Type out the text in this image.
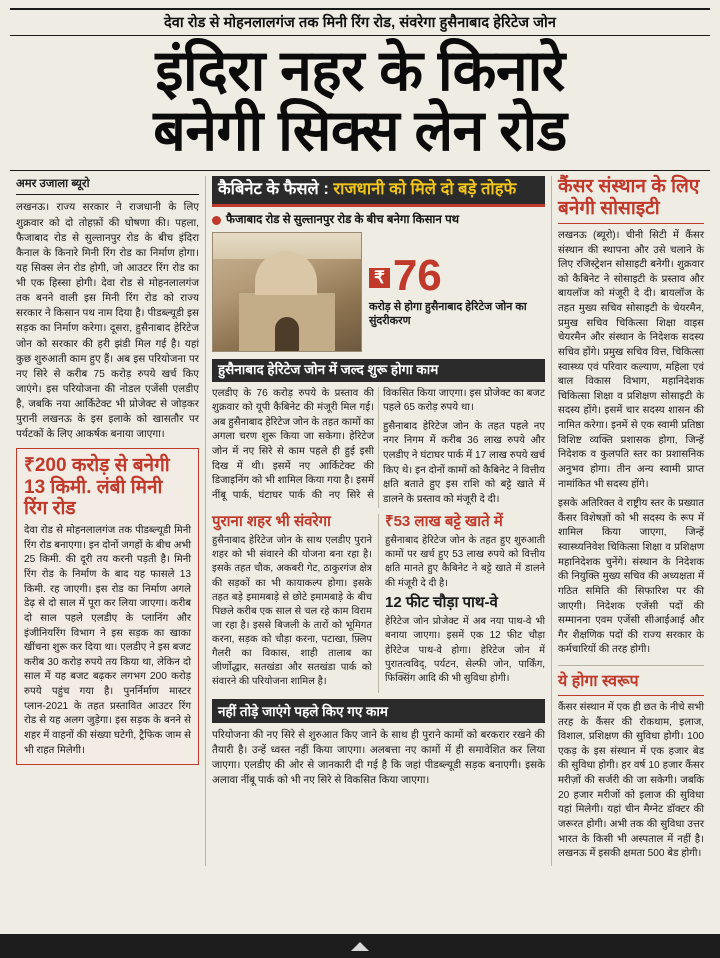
देवा रोड से मोहनलालगंज तक मिनी रिंग रोड, संवरेगा हुसैनाबाद हेरिटेज जोन
इंदिरा नहर के किनारे
बनेगी सिक्स लेन रोड
अमर उजाला ब्यूरो

लखनऊ। राज्य सरकार ने राजधानी के लिए शुक्रवार को दो तोहफ़ों की घोषणा की। पहला, फैजाबाद रोड से सुल्तानपुर रोड के बीच इंदिरा कैनाल के किनारे मिनी रिंग रोड का निर्माण होगा। यह सिक्स लेन रोड होगी, जो आउटर रिंग रोड का भी एक हिस्सा होगी। देवा रोड से मोहनलालगंज तक बनने वाली इस मिनी रिंग रोड को राज्य सरकार ने किसान पथ नाम दिया है। पीडब्ल्यूडी इस सड़क का निर्माण करेगा। दूसरा, हुसैनाबाद हेरिटेज जोन को सरकार की हरी झंडी मिल गई है। यहां कुछ शुरुआती काम हुए हैं। अब इस परियोजना पर नए सिरे से करीब 75 करोड़ रुपये खर्च किए जाएंगे। इस परियोजना की नोडल एजेंसी एलडीए है, जबकि नया आर्किटेक्ट भी प्रोजेक्ट से जोड़कर पुरानी लखनऊ के इस इलाके को खासतौर पर पर्यटकों के लिए आकर्षक बनाया जाएगा।

₹200 करोड़ से बनेगी 13 किमी. लंबी मिनी रिंग रोड

देवा रोड से मोहनलालगंज तक पीडब्ल्यूडी मिनी रिंग रोड बनाएगा। इन दोनों जगहों के बीच अभी 25 किमी. की दूरी तय करनी पड़ती है। मिनी रिंग रोड के निर्माण के बाद यह फासले 13 किमी. रह जाएगी। इस रोड का निर्माण अगले डेढ़ से दो साल में पूरा कर लिया जाएगा। करीब दो साल पहले एलडीए के प्लानिंग और इंजीनियरिंग विभाग ने इस सड़क का खाका खींचना शुरू कर दिया था। एलडीए ने इस बजट करीब 30 करोड़ रुपये तय किया था, लेकिन दो साल में यह बजट बढ़कर लगभग 200 करोड़ रुपये पहुंच गया है। पुनर्निर्माण मास्टर प्लान-2021 के तहत प्रस्तावित आउटर रिंग रोड से यह अलग जुड़ेगा। इस सड़क के बनने से शहर में वाहनों की संख्या घटेगी, ट्रैफिक जाम से भी राहत मिलेगी।

कैबिनेट के फैसले : राजधानी को मिले दो बड़े तोहफे
फैजाबाद रोड से सुल्तानपुर रोड के बीच बनेगा किसान पथ
₹ 76
करोड़ से होगा हुसैनाबाद हेरिटेज जोन का सुंदरीकरण
हुसैनाबाद हेरिटेज जोन में जल्द शुरू होगा काम

एलडीए के 76 करोड़ रुपये के प्रस्ताव की शुक्रवार को यूपी कैबिनेट की मंजूरी मिल गई। अब हुसैनाबाद हेरिटेज जोन के तहत कामों का अगला चरण शुरू किया जा सकेगा। हेरिटेज जोन में नए सिरे से काम पहले ही हुई इसी दिख में थी। इसमें नए आर्किटेक्ट की डिजाइनिंग को भी शामिल किया गया है। इसमें नींबू पार्क, घंटाघर पार्क की नए सिरे से विकसित किया जाएगा। इस प्रोजेक्ट का बजट पहले 65 करोड़ रुपये था।

हुसैनाबाद हेरिटेज जोन के तहत पहले नए नगर निगम में करीब 36 लाख रुपये और एलडीए ने घंटाघर पार्क में 17 लाख रुपये खर्च किए थे। इन दोनों कामों को कैबिनेट ने वित्तीय क्षति बताते हुए इस राशि को बट्टे खाते में डालने के प्रस्ताव को मंजूरी दे दी।

पुराना शहर भी संवरेगा

हुसैनाबाद हेरिटेज जोन के साथ एलडीए पुराने शहर को भी संवारने की योजना बना रहा है। इसके तहत चौक, अकबरी गेट, ठाकुरगंज क्षेत्र की सड़कों का भी कायाकल्प होगा। इसके तहत बड़े इमामबाड़े से छोटे इमामबाड़े के बीच पिछले करीब एक साल से चल रहे काम विराम जा रहा है। इससे बिजली के तारों को भूमिगत करना, सड़क को चौड़ा करना, पटाखा, फ़्लिप गैलरी का विकास, शाही तालाब का जीर्णोद्धार, सतखंडा और सतखंडा पार्क को संवारने की परियोजना शामिल है।

₹53 लाख बट्टे खाते में

हुसैनाबाद हेरिटेज जोन के तहत हुए शुरुआती कामों पर खर्च हुए 53 लाख रुपये को वित्तीय क्षति मानते हुए कैबिनेट ने बट्टे खाते में डालने की मंजूरी दे दी है।

12 फीट चौड़ा पाथ-वे

हेरिटेज जोन प्रोजेक्ट में अब नया पाथ-वे भी बनाया जाएगा। इसमें एक 12 फीट चौड़ा हेरिटेज पाथ-वे होगा। हेरिटेज जोन में पुरातत्वविद्, पर्यटन, सेल्फी जोन, पार्किंग, फिक्सिंग आदि की भी सुविधा होगी।

नहीं तोड़े जाएंगे पहले किए गए काम

परियोजना की नए सिरे से शुरुआत किए जाने के साथ ही पुराने कामों को बरकरार रखने की तैयारी है। उन्हें ध्वस्त नहीं किया जाएगा। अलबत्ता नए कामों में ही समावेशित कर लिया जाएगा। एलडीए की ओर से जानकारी दी गई है कि जहां पीडब्ल्यूडी सड़क बनाएगी। इसके अलावा नींबू पार्क को भी नए सिरे से विकसित किया जाएगा।

कैंसर संस्थान के लिए बनेगी सोसाइटी

लखनऊ (ब्यूरो)। चीनी सिटी में कैंसर संस्थान की स्थापना और उसे चलाने के लिए रजिस्ट्रेशन सोसाइटी बनेगी। शुक्रवार को कैबिनेट ने सोसाइटी के प्रस्ताव और बायलॉज को मंजूरी दे दी। बायलॉज के तहत मुख्य सचिव सोसाइटी के चेयरमैन, प्रमुख सचिव चिकित्सा शिक्षा वाइस चेयरमैन और संस्थान के निदेशक सदस्य सचिव होंगे। प्रमुख सचिव वित्त, चिकित्सा स्वास्थ्य एवं परिवार कल्याण, महिला एवं बाल विकास विभाग, महानिदेशक चिकित्सा शिक्षा व प्रशिक्षण सोसाइटी के सदस्य होंगे। इसमें चार सदस्य शासन की नामित करेगा। इनमें से एक स्वामी प्रतिष्ठा विशिष्ट व्यक्ति प्रशासक होगा, जिन्हें निदेशक व कुलपति स्तर का प्रशासनिक अनुभव होगा। तीन अन्य स्वामी प्राप्त नामांकित भी सदस्य होंगे।

इसके अतिरिक्त वे राष्ट्रीय स्तर के प्रख्यात कैंसर विशेषज्ञों को भी सदस्य के रूप में शामिल किया जाएगा, जिन्हें स्वास्थ्यनिवेश चिकित्सा शिक्षा व प्रशिक्षण महानिदेशक चुनेंगे। संस्थान के निदेशक की नियुक्ति मुख्य सचिव की अध्यक्षता में गठित समिति की सिफारिश पर की जाएगी। निदेशक एजेंसी पदों की सम्मानना एवम एजेंसी सीआईआई और गैर शैक्षणिक पदों की राज्य सरकार के कर्मचारियों की तरह होगी।

ये होगा स्वरूप

कैंसर संस्थान में एक ही छत के नीचे सभी तरह के कैंसर की रोकथाम, इलाज, विशाल, प्रशिक्षण की सुविधा होगी। 100 एकड़ के इस संस्थान में एक हजार बेड की सुविधा होगी। हर वर्ष 10 हजार कैंसर मरीज़ों की सर्जरी की जा सकेगी। जबकि 20 हजार मरीजों को इलाज की सुविधा यहां मिलेगी। यहां चीन मैग्नेट डॉक्टर की जरूरत होगी। अभी तक की सुविधा उत्तर भारत के किसी भी अस्पताल में नहीं है। लखनऊ में इसकी क्षमता 500 बेड होगी।
